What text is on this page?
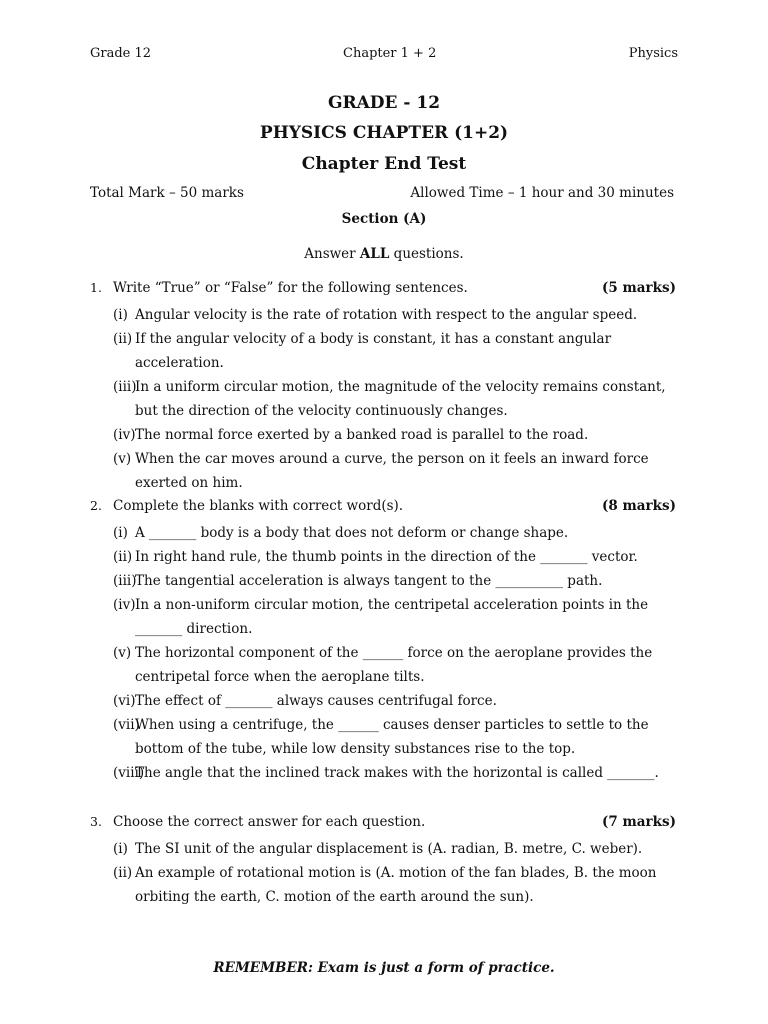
Grade 12	Chapter 1 + 2	Physics
GRADE - 12
PHYSICS CHAPTER (1+2)
Chapter End Test
Total Mark – 50 marks	Allowed Time – 1 hour and 30 minutes
Section (A)
Answer ALL questions.
1. Write “True” or “False” for the following sentences.	(5 marks)
(i) Angular velocity is the rate of rotation with respect to the angular speed.
(ii) If the angular velocity of a body is constant, it has a constant angular acceleration.
(iii)
In a uniform circular motion, the magnitude of the velocity remains constant, but the direction of the velocity continuously changes.
(iv) The normal force exerted by a banked road is parallel to the road.
(v) When the car moves around a curve, the person on it feels an inward force exerted on him.
2. Complete the blanks with correct word(s).	(8 marks)
(i) A _______ body is a body that does not deform or change shape.
(ii) In right hand rule, the thumb points in the direction of the _______ vector.
(iii)
The tangential acceleration is always tangent to the __________ path.
(iv) In a non-uniform circular motion, the centripetal acceleration points in the _______ direction.
(v) The horizontal component of the ______ force on the aeroplane provides the centripetal force when the aeroplane tilts.
(vi) The effect of _______ always causes centrifugal force.
(vii)
When using a centrifuge, the ______ causes denser particles to settle to the bottom of the tube, while low density substances rise to the top.
(viii)
The angle that the inclined track makes with the horizontal is called _______.
3. Choose the correct answer for each question.	(7 marks)
(i) The SI unit of the angular displacement is (A. radian, B. metre, C. weber).
(ii) An example of rotational motion is (A. motion of the fan blades, B. the moon orbiting the earth, C. motion of the earth around the sun).
REMEMBER: Exam is just a form of practice.
